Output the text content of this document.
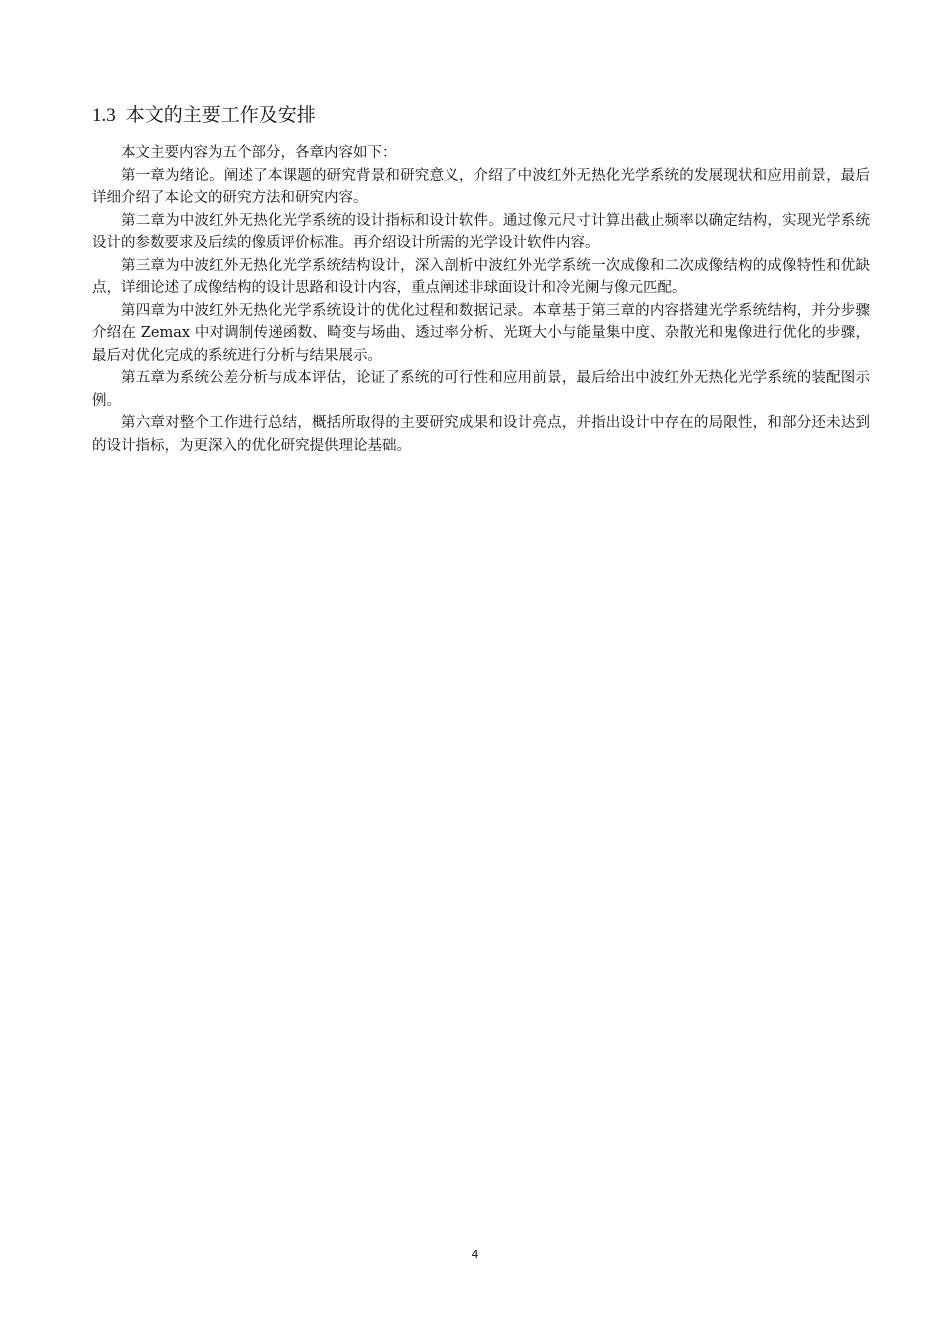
1.3 本文的主要工作及安排

本文主要内容为五个部分，各章内容如下：

第一章为绪论。阐述了本课题的研究背景和研究意义，介绍了中波红外无热化光学系统的发展现状和应用前景，最后详细介绍了本论文的研究方法和研究内容。

第二章为中波红外无热化光学系统的设计指标和设计软件。通过像元尺寸计算出截止频率以确定结构，实现光学系统设计的参数要求及后续的像质评价标准。再介绍设计所需的光学设计软件内容。

第三章为中波红外无热化光学系统结构设计，深入剖析中波红外光学系统一次成像和二次成像结构的成像特性和优缺点，详细论述了成像结构的设计思路和设计内容，重点阐述非球面设计和冷光阑与像元匹配。

第四章为中波红外无热化光学系统设计的优化过程和数据记录。本章基于第三章的内容搭建光学系统结构，并分步骤介绍在 Zemax 中对调制传递函数、畸变与场曲、透过率分析、光斑大小与能量集中度、杂散光和鬼像进行优化的步骤，最后对优化完成的系统进行分析与结果展示。

第五章为系统公差分析与成本评估，论证了系统的可行性和应用前景，最后给出中波红外无热化光学系统的装配图示例。

第六章对整个工作进行总结，概括所取得的主要研究成果和设计亮点，并指出设计中存在的局限性，和部分还未达到的设计指标，为更深入的优化研究提供理论基础。

4
